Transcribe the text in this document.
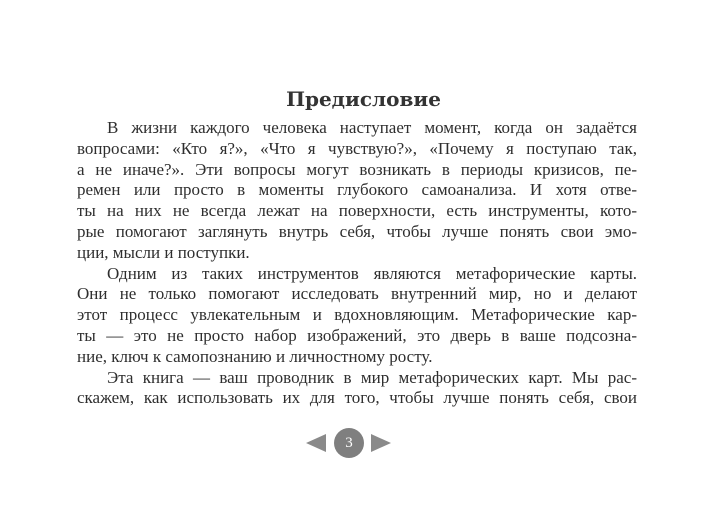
Предисловие

В жизни каждого человека наступает момент, когда он задаётся
вопросами: «Кто я?», «Что я чувствую?», «Почему я поступаю так,
а не иначе?». Эти вопросы могут возникать в периоды кризисов, пе-
ремен или просто в моменты глубокого самоанализа. И хотя отве-
ты на них не всегда лежат на поверхности, есть инструменты, кото-
рые помогают заглянуть внутрь себя, чтобы лучше понять свои эмо-
ции, мысли и поступки.

Одним из таких инструментов являются метафорические карты.
Они не только помогают исследовать внутренний мир, но и делают
этот процесс увлекательным и вдохновляющим. Метафорические кар-
ты — это не просто набор изображений, это дверь в ваше подсозна-
ние, ключ к самопознанию и личностному росту.

Эта книга — ваш проводник в мир метафорических карт. Мы рас-
скажем, как использовать их для того, чтобы лучше понять себя, свои

3
